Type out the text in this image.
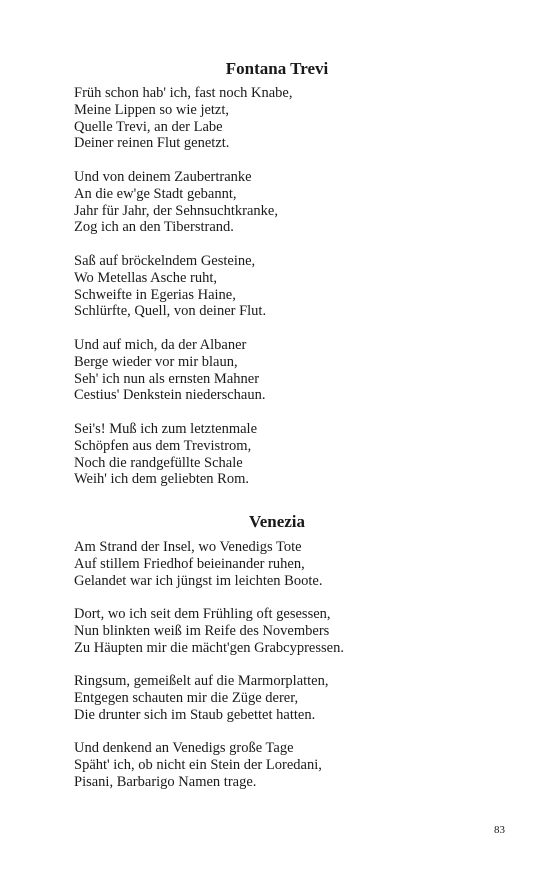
Fontana Trevi
Früh schon hab' ich, fast noch Knabe,
Meine Lippen so wie jetzt,
Quelle Trevi, an der Labe
Deiner reinen Flut genetzt.
Und von deinem Zaubertranke
An die ew'ge Stadt gebannt,
Jahr für Jahr, der Sehnsuchtkranke,
Zog ich an den Tiberstrand.
Saß auf bröckelndem Gesteine,
Wo Metellas Asche ruht,
Schweifte in Egerias Haine,
Schlürfte, Quell, von deiner Flut.
Und auf mich, da der Albaner
Berge wieder vor mir blaun,
Seh' ich nun als ernsten Mahner
Cestius' Denkstein niederschaun.
Sei's! Muß ich zum letztenmale
Schöpfen aus dem Trevistrom,
Noch die randgefüllte Schale
Weih' ich dem geliebten Rom.
Venezia
Am Strand der Insel, wo Venedigs Tote
Auf stillem Friedhof beieinander ruhen,
Gelandet war ich jüngst im leichten Boote.
Dort, wo ich seit dem Frühling oft gesessen,
Nun blinkten weiß im Reife des Novembers
Zu Häupten mir die mächt'gen Grabcypressen.
Ringsum, gemeißelt auf die Marmorplatten,
Entgegen schauten mir die Züge derer,
Die drunter sich im Staub gebettet hatten.
Und denkend an Venedigs große Tage
Späht' ich, ob nicht ein Stein der Loredani,
Pisani, Barbarigo Namen trage.
83
